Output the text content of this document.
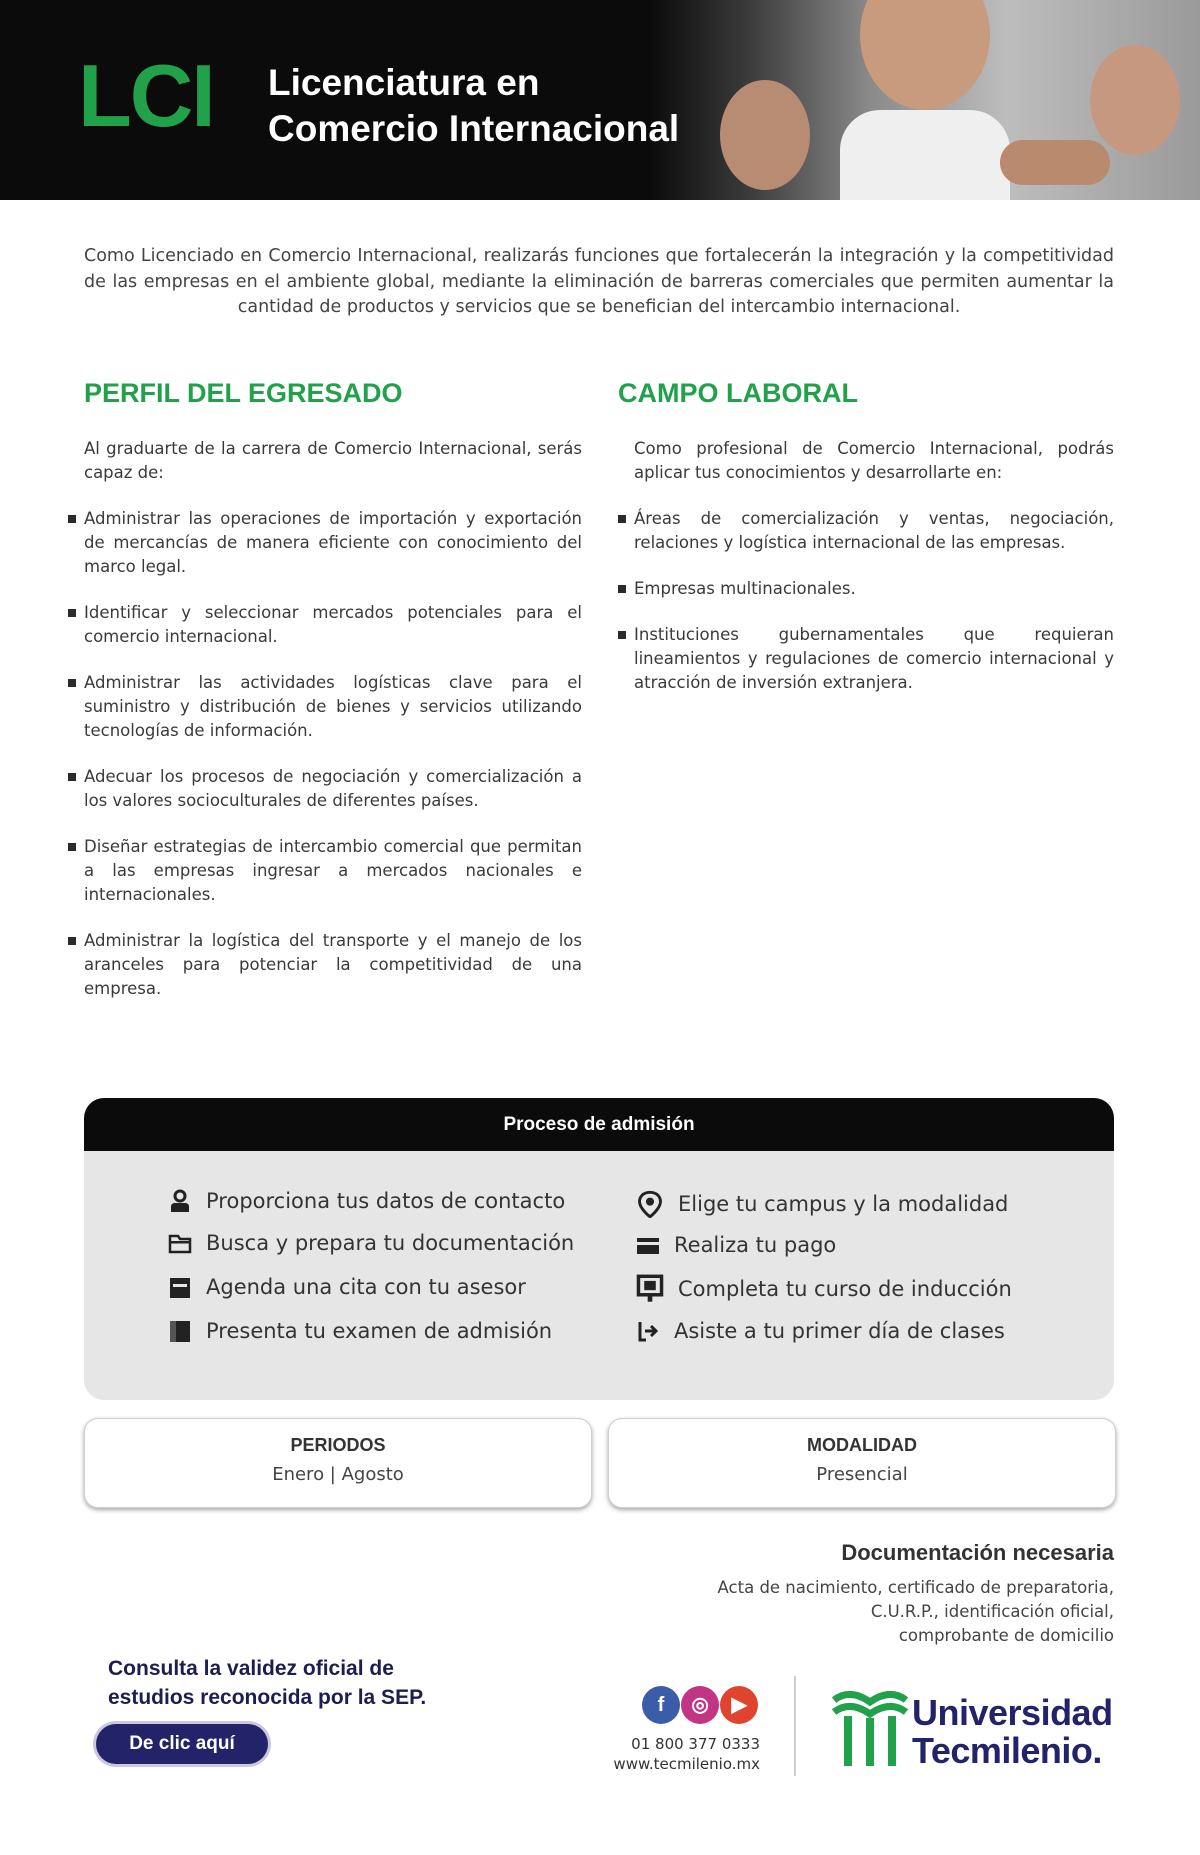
LCI Licenciatura en
Comercio Internacional
Como Licenciado en Comercio Internacional, realizarás funciones que fortalecerán la integración y la competitividad de las empresas en el ambiente global, mediante la eliminación de barreras comerciales que permiten aumentar la cantidad de productos y servicios que se benefician del intercambio internacional.
PERFIL DEL EGRESADO

Al graduarte de la carrera de Comercio Internacional, serás capaz de:

Administrar las operaciones de importación y exportación de mercancías de manera eficiente con conocimiento del marco legal.
Identificar y seleccionar mercados potenciales para el comercio internacional.
Administrar las actividades logísticas clave para el suministro y distribución de bienes y servicios utilizando tecnologías de información.
Adecuar los procesos de negociación y comercialización a los valores socioculturales de diferentes países.
Diseñar estrategias de intercambio comercial que permitan a las empresas ingresar a mercados nacionales e internacionales.
Administrar la logística del transporte y el manejo de los aranceles para potenciar la competitividad de una empresa.
CAMPO LABORAL

Como profesional de Comercio Internacional, podrás aplicar tus conocimientos y desarrollarte en:

Áreas de comercialización y ventas, negociación, relaciones y logística internacional de las empresas.
Empresas multinacionales.
Instituciones gubernamentales que requieran lineamientos y regulaciones de comercio internacional y atracción de inversión extranjera.
Proceso de admisión
Proporciona tus datos de contacto
Busca y prepara tu documentación
Agenda una cita con tu asesor
Presenta tu examen de admisión
Elige tu campus y la modalidad
Realiza tu pago
Completa tu curso de inducción
Asiste a tu primer día de clases
PERIODOS
Enero | Agosto
MODALIDAD
Presencial
Documentación necesaria
Acta de nacimiento, certificado de preparatoria,
C.U.R.P., identificación oficial,
comprobante de domicilio
Consulta la validez oficial de
estudios reconocida por la SEP.
De clic aquí
f ◎ ▶
01 800 377 0333
www.tecmilenio.mx
Universidad
Tecmilenio.
